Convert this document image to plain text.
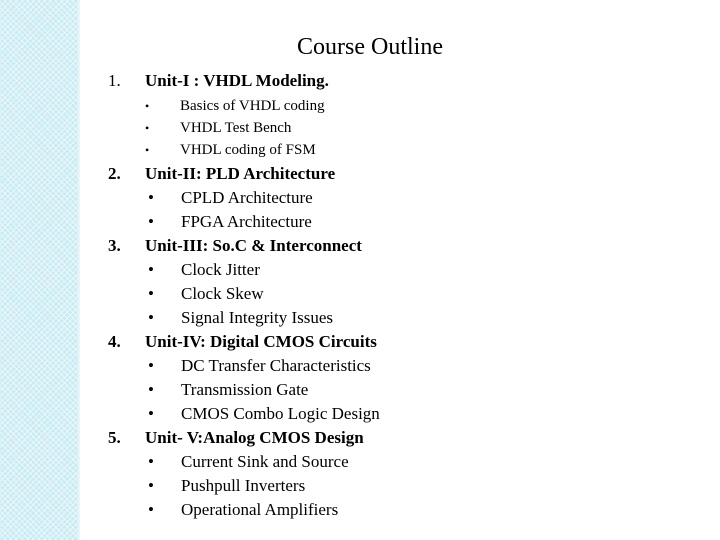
Course Outline
1.	Unit-I : VHDL Modeling.
• Basics of VHDL coding
• VHDL Test Bench
• VHDL coding of FSM
2.	Unit-II: PLD Architecture
• CPLD Architecture
• FPGA Architecture
3.	Unit-III: So.C & Interconnect
• Clock Jitter
• Clock Skew
• Signal Integrity Issues
4.	Unit-IV: Digital CMOS Circuits
• DC Transfer Characteristics
• Transmission Gate
• CMOS Combo Logic Design
5.	Unit- V:Analog CMOS Design
• Current Sink and Source
• Pushpull Inverters
• Operational Amplifiers
